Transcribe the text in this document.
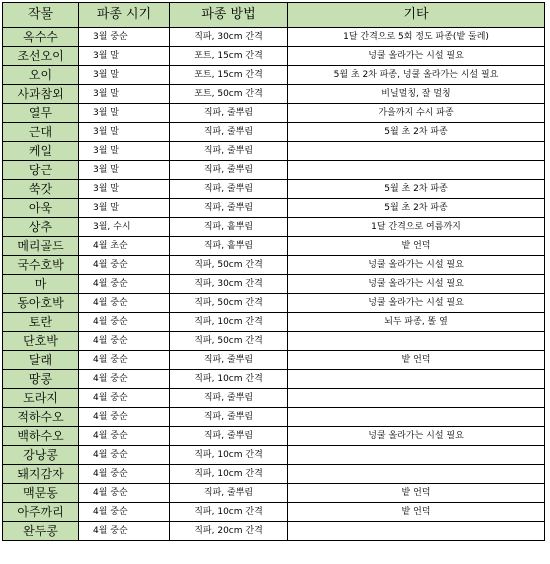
작물	파종 시기	파종 방법	기타
옥수수	3월 중순	직파, 30cm 간격	1달 간격으로 5회 정도 파종(밭 둘레)
조선오이	3월 말	포트, 15cm 간격	넝쿨 올라가는 시설 필요
오이	3월 말	포트, 15cm 간격	5월 초 2차 파종, 넝쿨 올라가는 시설 필요
사과참외	3월 말	포트, 50cm 간격	비닐멀칭, 잘 멀칭
열무	3월 말	직파, 줄뿌림	가을까지 수시 파종
근대	3월 말	직파, 줄뿌림	5월 초 2차 파종
케일	3월 말	직파, 줄뿌림	
당근	3월 말	직파, 줄뿌림	
쑥갓	3월 말	직파, 줄뿌림	5월 초 2차 파종
아욱	3월 말	직파, 줄뿌림	5월 초 2차 파종
상추	3월, 수시	직파, 흩뿌림	1달 간격으로 여름까지
메리골드	4월 초순	직파, 흩뿌림	밭 언덕
국수호박	4월 중순	직파, 50cm 간격	넝쿨 올라가는 시설 필요
마	4월 중순	직파, 30cm 간격	넝쿨 올라가는 시설 필요
동아호박	4월 중순	직파, 50cm 간격	넝쿨 올라가는 시설 필요
토란	4월 중순	직파, 10cm 간격	뇌두 파종, 똘 옆
단호박	4월 중순	직파, 50cm 간격	
달래	4월 중순	직파, 줄뿌림	밭 언덕
땅콩	4월 중순	직파, 10cm 간격	
도라지	4월 중순	직파, 줄뿌림	
적하수오	4월 중순	직파, 줄뿌림	
백하수오	4월 중순	직파, 줄뿌림	넝쿨 올라가는 시설 필요
강낭콩	4월 중순	직파, 10cm 간격	
돼지감자	4월 중순	직파, 10cm 간격	
맥문동	4월 중순	직파, 줄뿌림	밭 언덕
아주까리	4월 중순	직파, 10cm 간격	밭 언덕
완두콩	4월 중순	직파, 20cm 간격	
